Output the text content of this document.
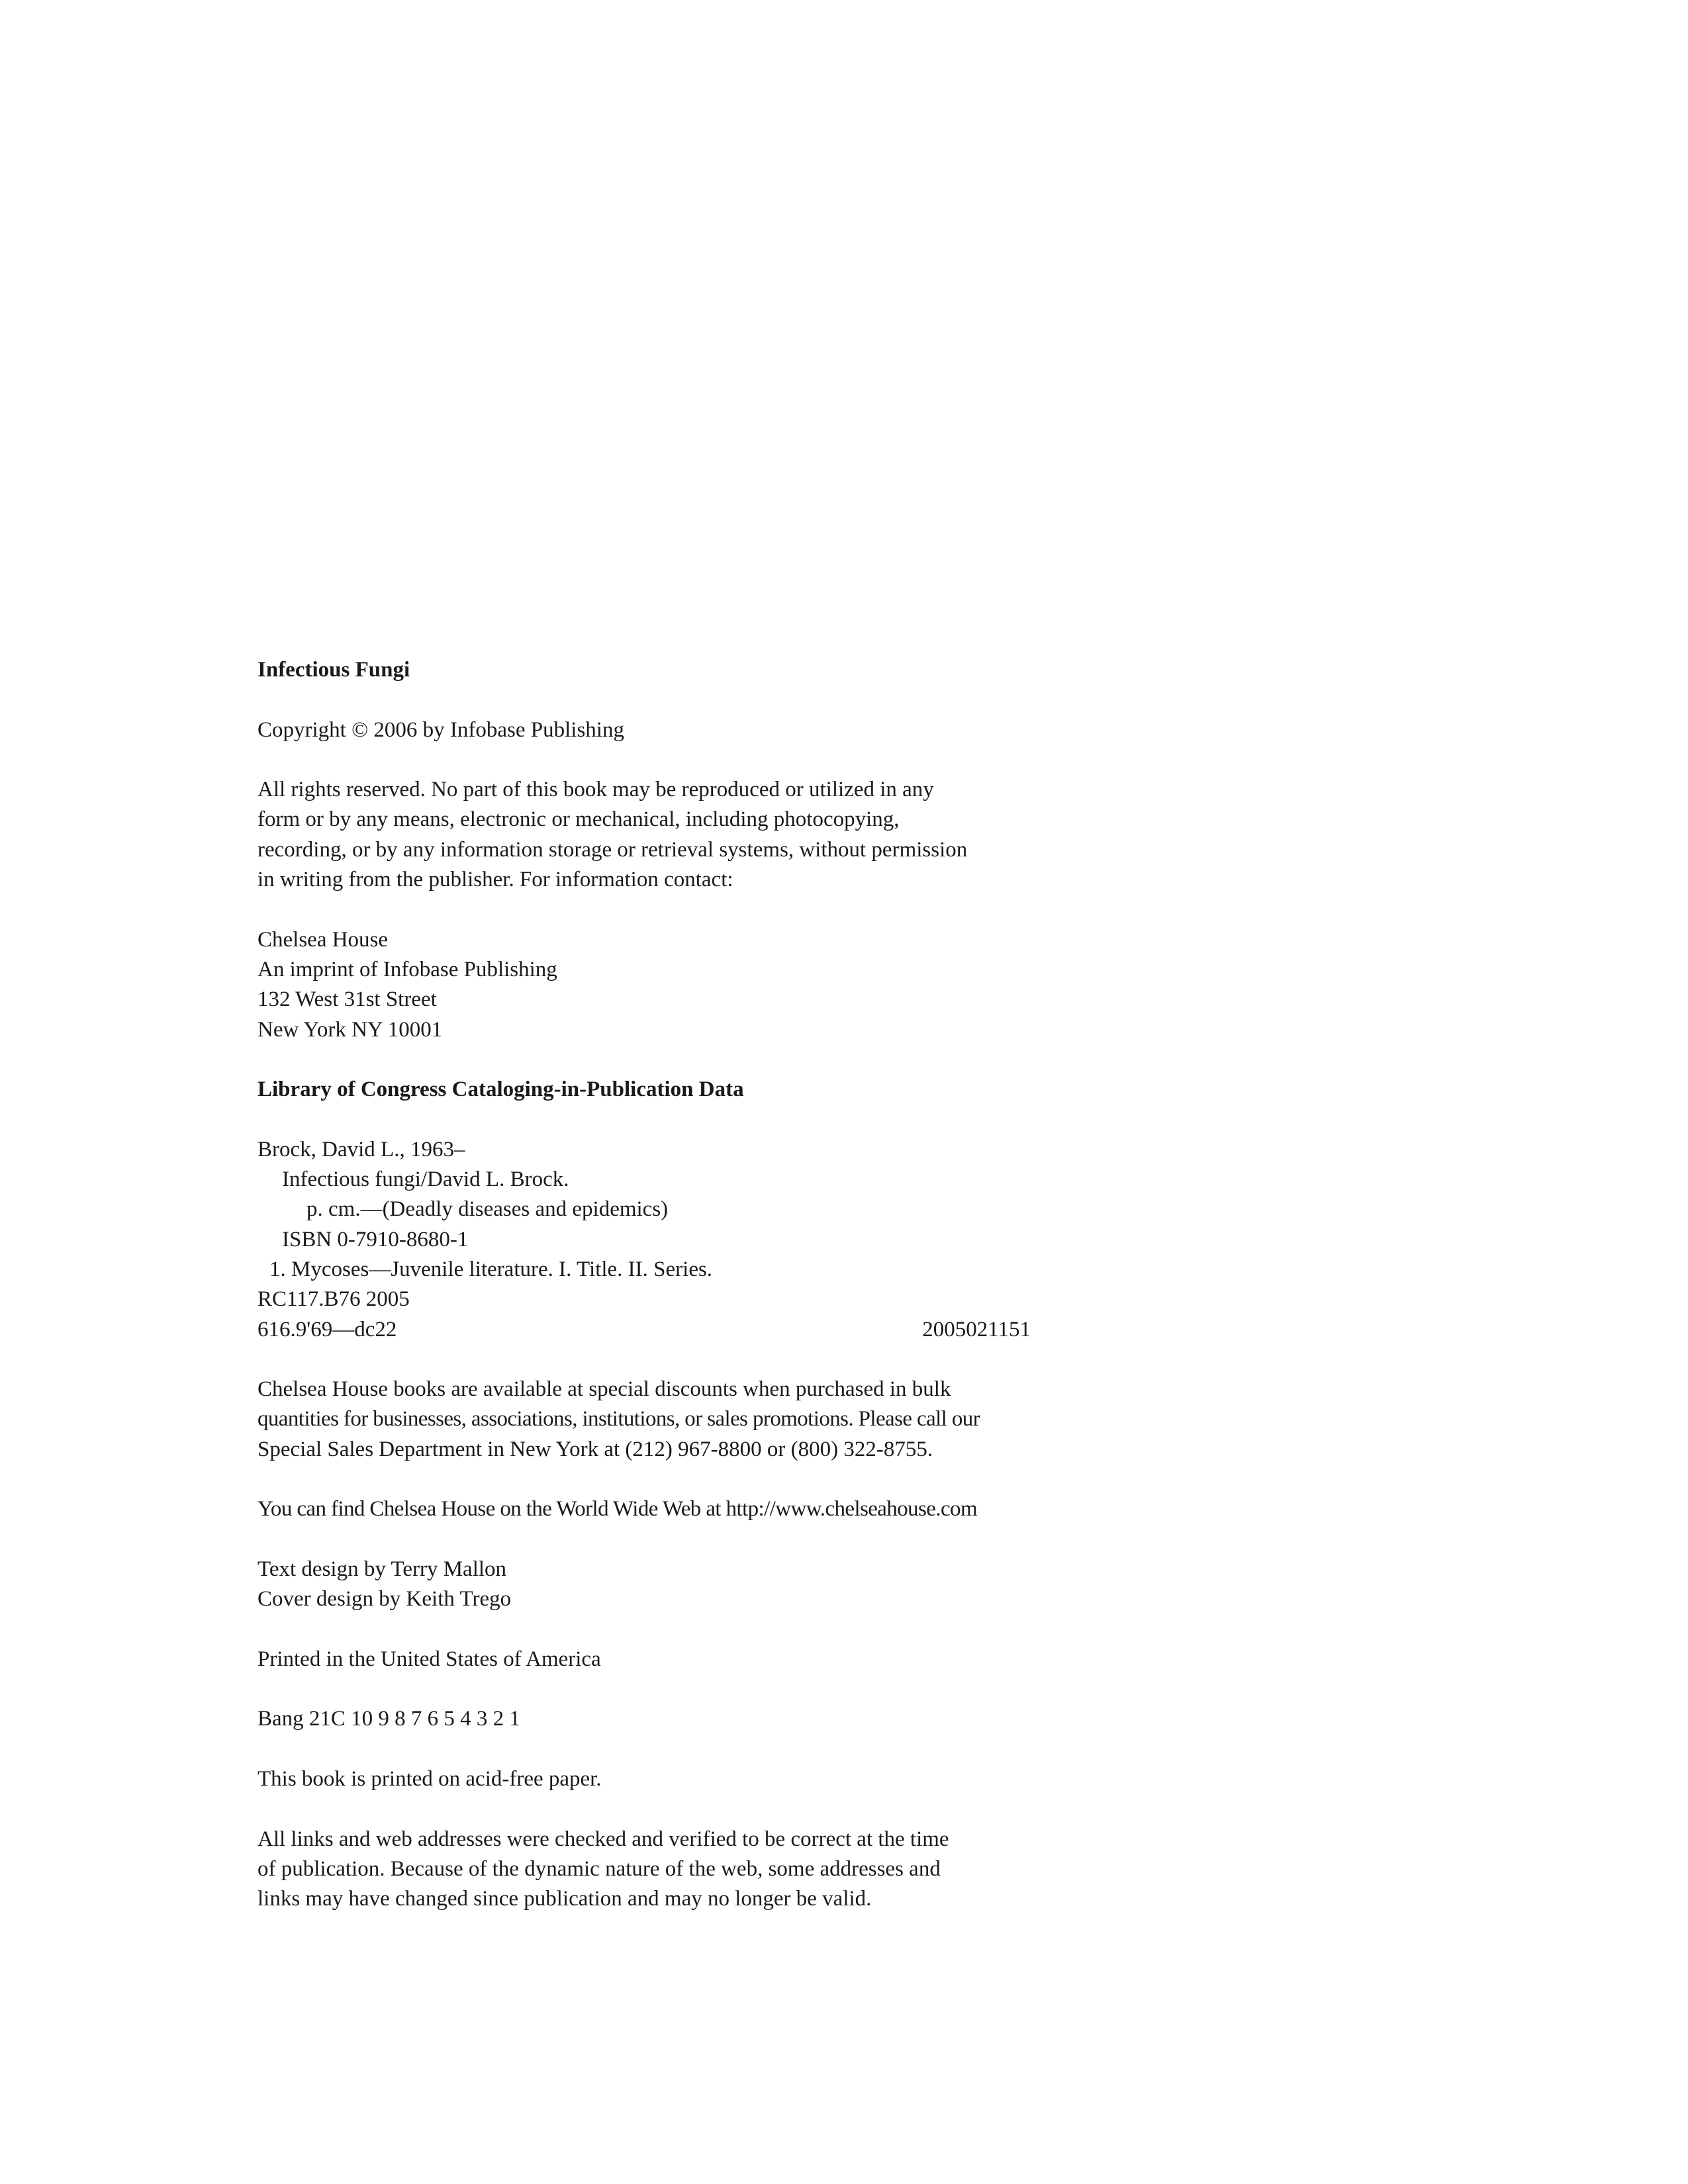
Infectious Fungi
Copyright © 2006 by Infobase Publishing
All rights reserved. No part of this book may be reproduced or utilized in any
form or by any means, electronic or mechanical, including photocopying,
recording, or by any information storage or retrieval systems, without permission
in writing from the publisher. For information contact:
Chelsea House
An imprint of Infobase Publishing
132 West 31st Street
New York NY 10001
Library of Congress Cataloging-in-Publication Data
Brock, David L., 1963–
Infectious fungi/David L. Brock.
p. cm.—(Deadly diseases and epidemics)
ISBN 0-7910-8680-1
1. Mycoses—Juvenile literature. I. Title. II. Series.
RC117.B76 2005
616.9'69—dc22	2005021151
Chelsea House books are available at special discounts when purchased in bulk
quantities for businesses, associations, institutions, or sales promotions. Please call our
Special Sales Department in New York at (212) 967-8800 or (800) 322-8755.
You can find Chelsea House on the World Wide Web at http://www.chelseahouse.com
Text design by Terry Mallon
Cover design by Keith Trego
Printed in the United States of America
Bang 21C 10 9 8 7 6 5 4 3 2 1
This book is printed on acid-free paper.
All links and web addresses were checked and verified to be correct at the time
of publication. Because of the dynamic nature of the web, some addresses and
links may have changed since publication and may no longer be valid.
